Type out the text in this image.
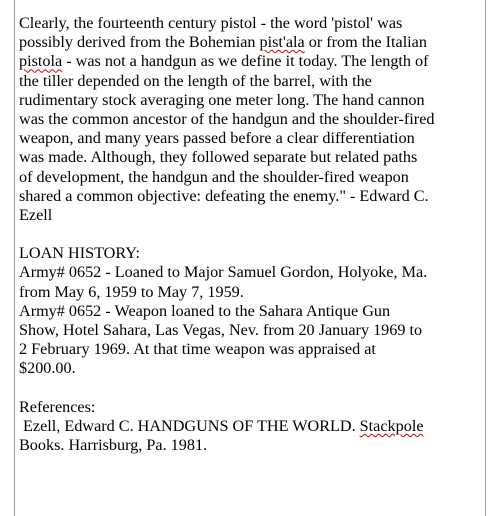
Clearly, the fourteenth century pistol - the word 'pistol' was
possibly derived from the Bohemian pist'ala or from the Italian
pistola - was not a handgun as we define it today. The length of
the tiller depended on the length of the barrel, with the
rudimentary stock averaging one meter long. The hand cannon
was the common ancestor of the handgun and the shoulder-fired
weapon, and many years passed before a clear differentiation
was made. Although, they followed separate but related paths
of development, the handgun and the shoulder-fired weapon
shared a common objective: defeating the enemy." - Edward C.
Ezell
LOAN HISTORY:
Army# 0652 - Loaned to Major Samuel Gordon, Holyoke, Ma.
from May 6, 1959 to May 7, 1959.
Army# 0652 - Weapon loaned to the Sahara Antique Gun
Show, Hotel Sahara, Las Vegas, Nev. from 20 January 1969 to
2 February 1969. At that time weapon was appraised at
$200.00.
References:
Ezell, Edward C. HANDGUNS OF THE WORLD. Stackpole
Books. Harrisburg, Pa. 1981.
